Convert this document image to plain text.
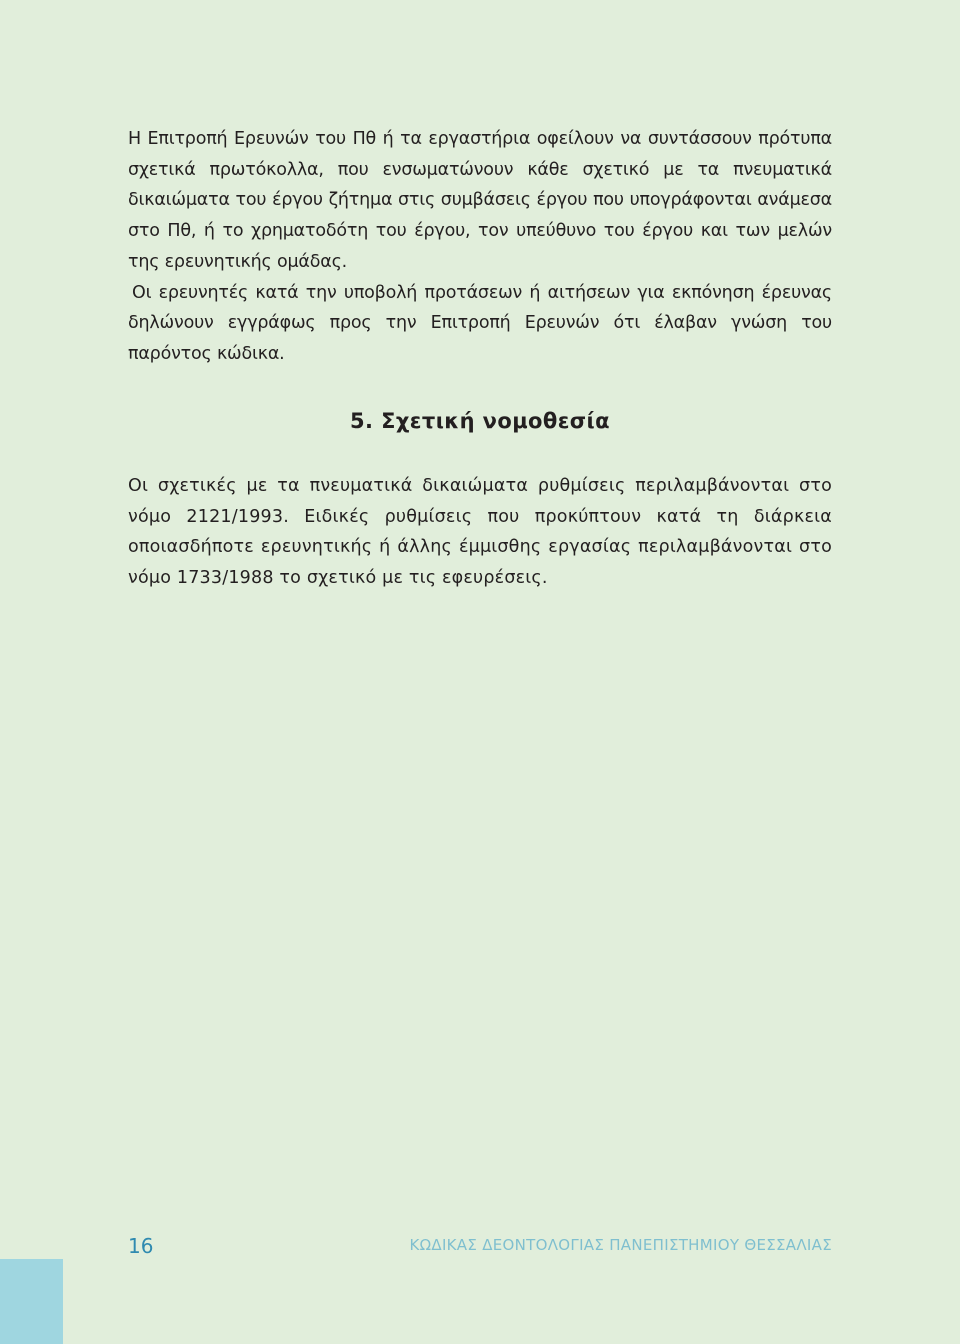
Η Επιτροπή Ερευνών του Πθ ή τα εργαστήρια οφείλουν να συντάσσουν πρότυπα σχετικά πρωτόκολλα, που ενσωματώνουν κάθε σχετικό με τα πνευματικά δικαιώματα του έργου ζήτημα στις συμβάσεις έργου που υπογράφονται ανάμεσα στο Πθ, ή το χρηματοδότη του έργου, τον υπεύθυνο του έργου και των μελών της ερευνητικής ομάδας.

Οι ερευνητές κατά την υποβολή προτάσεων ή αιτήσεων για εκπόνηση έρευνας δηλώνουν εγγράφως προς την Επιτροπή Ερευνών ότι έλαβαν γνώση του παρόντος κώδικα.

5. Σχετική νομοθεσία

Οι σχετικές με τα πνευματικά δικαιώματα ρυθμίσεις περιλαμβάνονται στο νόμο 2121/1993. Ειδικές ρυθμίσεις που προκύπτουν κατά τη διάρκεια οποιασδήποτε ερευνητικής ή άλλης έμμισθης εργασίας περιλαμβάνονται στο νόμο 1733/1988 το σχετικό με τις εφευρέσεις.

16	ΚΩΔΙΚΑΣ ΔΕΟΝΤΟΛΟΓΙΑΣ ΠΑΝΕΠΙΣΤΗΜΙΟΥ ΘΕΣΣΑΛΙΑΣ
